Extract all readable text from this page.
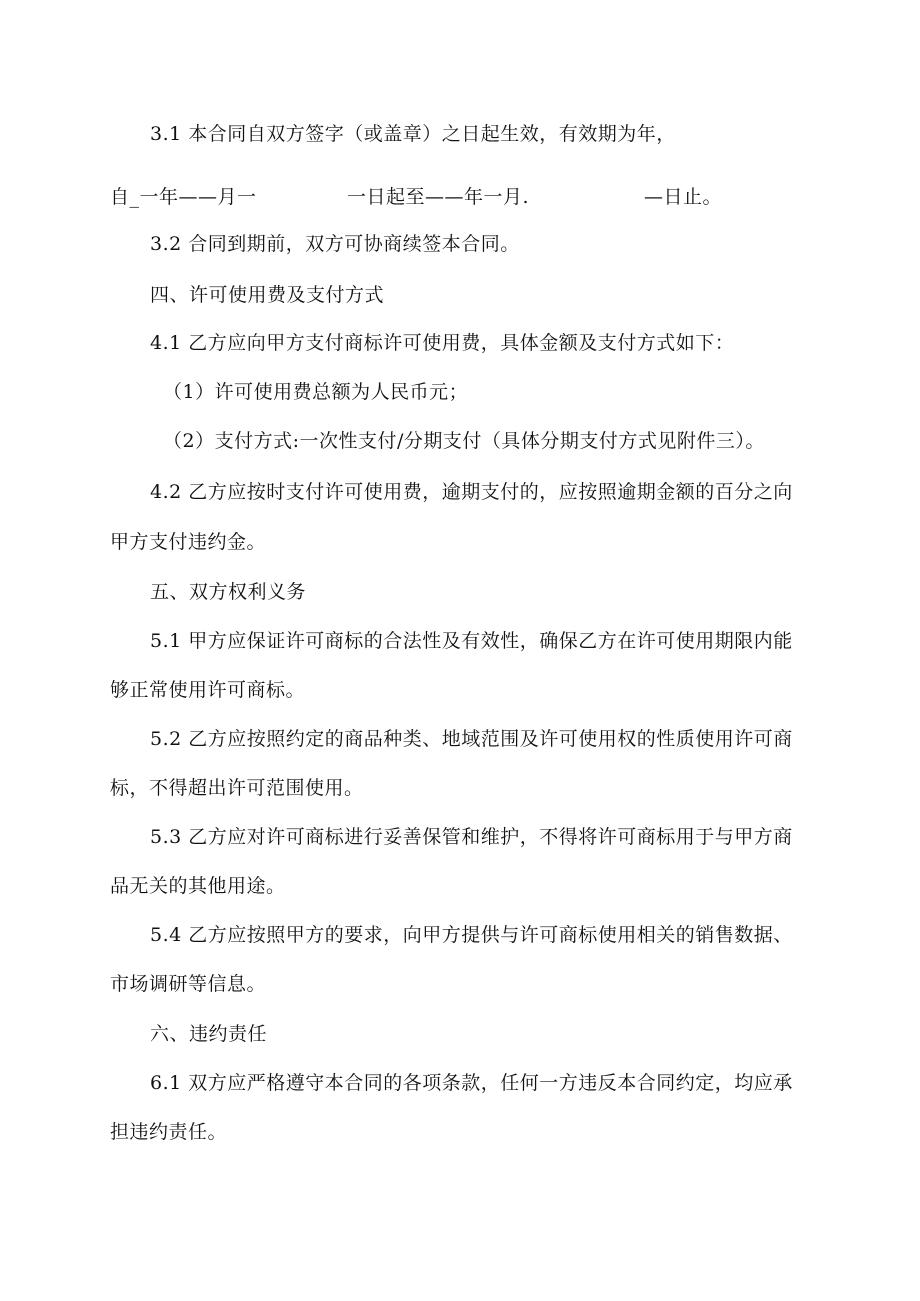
3.1 本合同自双方签字（或盖章）之日起生效，有效期为年，
自_一年——月一	一日起至——年一月.	—日止。
3.2 合同到期前，双方可协商续签本合同。
四、许可使用费及支付方式
4.1 乙方应向甲方支付商标许可使用费，具体金额及支付方式如下：
（1）许可使用费总额为人民币元；
（2）支付方式:一次性支付/分期支付（具体分期支付方式见附件三）。
4.2 乙方应按时支付许可使用费，逾期支付的，应按照逾期金额的百分之向
甲方支付违约金。
五、双方权利义务
5.1 甲方应保证许可商标的合法性及有效性，确保乙方在许可使用期限内能
够正常使用许可商标。
5.2 乙方应按照约定的商品种类、地域范围及许可使用权的性质使用许可商
标，不得超出许可范围使用。
5.3 乙方应对许可商标进行妥善保管和维护，不得将许可商标用于与甲方商
品无关的其他用途。
5.4 乙方应按照甲方的要求，向甲方提供与许可商标使用相关的销售数据、
市场调研等信息。
六、违约责任
6.1 双方应严格遵守本合同的各项条款，任何一方违反本合同约定，均应承
担违约责任。
